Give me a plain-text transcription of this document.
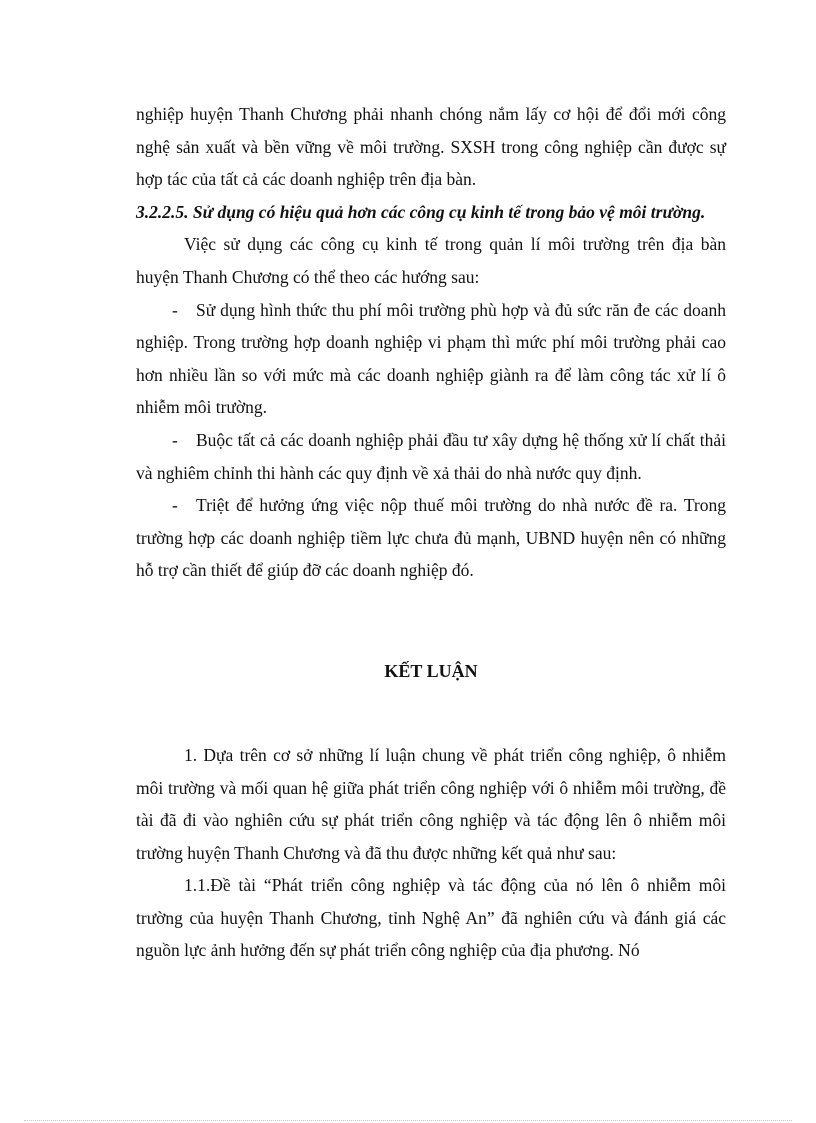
nghiệp huyện Thanh Chương phải nhanh chóng nắm lấy cơ hội để đổi mới công nghệ sản xuất và bền vững về môi trường. SXSH trong công nghiệp cần được sự hợp tác của tất cả các doanh nghiệp trên địa bàn.

3.2.2.5. Sử dụng có hiệu quả hơn các công cụ kinh tế trong bảo vệ môi trường.

Việc sử dụng các công cụ kinh tế trong quản lí môi trường trên địa bàn huyện Thanh Chương có thể theo các hướng sau:

- Sử dụng hình thức thu phí môi trường phù hợp và đủ sức răn đe các doanh nghiệp. Trong trường hợp doanh nghiệp vi phạm thì mức phí môi trường phải cao hơn nhiều lần so với mức mà các doanh nghiệp giành ra để làm công tác xử lí ô nhiễm môi trường.

- Buộc tất cả các doanh nghiệp phải đầu tư xây dựng hệ thống xử lí chất thải và nghiêm chỉnh thi hành các quy định về xả thải do nhà nước quy định.

- Triệt để hưởng ứng việc nộp thuế môi trường do nhà nước đề ra. Trong trường hợp các doanh nghiệp tiềm lực chưa đủ mạnh, UBND huyện nên có những hỗ trợ cần thiết để giúp đỡ các doanh nghiệp đó.

KẾT LUẬN

1. Dựa trên cơ sở những lí luận chung về phát triển công nghiệp, ô nhiễm môi trường và mối quan hệ giữa phát triển công nghiệp với ô nhiễm môi trường, đề tài đã đi vào nghiên cứu sự phát triển công nghiệp và tác động lên ô nhiễm môi trường huyện Thanh Chương và đã thu được những kết quả như sau:

1.1.Đề tài “Phát triển công nghiệp và tác động của nó lên ô nhiễm môi trường của huyện Thanh Chương, tỉnh Nghệ An” đã nghiên cứu và đánh giá các nguồn lực ảnh hưởng đến sự phát triển công nghiệp của địa phương. Nó
